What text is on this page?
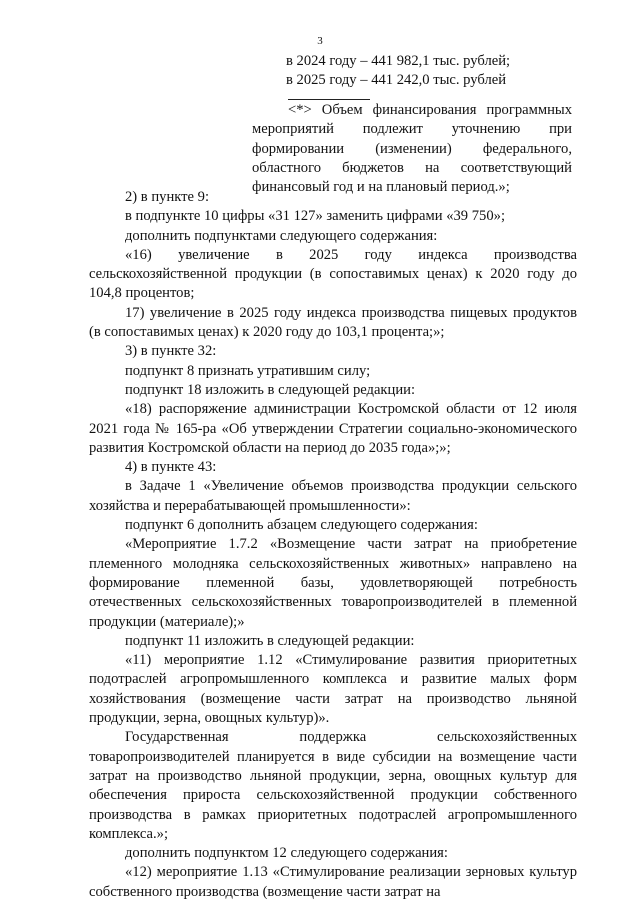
3
в 2024 году – 441 982,1 тыс. рублей;
в 2025 году – 441 242,0 тыс. рублей
<*> Объем финансирования программных мероприятий подлежит уточнению при формировании (изменении) федерального, областного бюджетов на соответствующий финансовый год и на плановый период.»;

2) в пункте 9:

в подпункте 10 цифры «31 127» заменить цифрами «39 750»;

дополнить подпунктами следующего содержания:

«16) увеличение в 2025 году индекса производства сельскохозяйственной продукции (в сопоставимых ценах) к 2020 году до 104,8 процентов;

17) увеличение в 2025 году индекса производства пищевых продуктов (в сопоставимых ценах) к 2020 году до 103,1 процента;»;

3) в пункте 32:

подпункт 8 признать утратившим силу;

подпункт 18 изложить в следующей редакции:

«18) распоряжение администрации Костромской области от 12 июля 2021 года № 165-ра «Об утверждении Стратегии социально-экономического развития Костромской области на период до 2035 года»;»;

4) в пункте 43:

в Задаче 1 «Увеличение объемов производства продукции сельского хозяйства и перерабатывающей промышленности»:

подпункт 6 дополнить абзацем следующего содержания:

«Мероприятие 1.7.2 «Возмещение части затрат на приобретение племенного молодняка сельскохозяйственных животных» направлено на формирование племенной базы, удовлетворяющей потребность отечественных сельскохозяйственных товаропроизводителей в племенной продукции (материале);»

подпункт 11 изложить в следующей редакции:

«11) мероприятие 1.12 «Стимулирование развития приоритетных подотраслей агропромышленного комплекса и развитие малых форм хозяйствования (возмещение части затрат на производство льняной продукции, зерна, овощных культур)».

Государственная поддержка сельскохозяйственных товаропроизводителей планируется в виде субсидии на возмещение части затрат на производство льняной продукции, зерна, овощных культур для обеспечения прироста сельскохозяйственной продукции собственного производства в рамках приоритетных подотраслей агропромышленного комплекса.»;

дополнить подпунктом 12 следующего содержания:

«12) мероприятие 1.13 «Стимулирование реализации зерновых культур собственного производства (возмещение части затрат на
